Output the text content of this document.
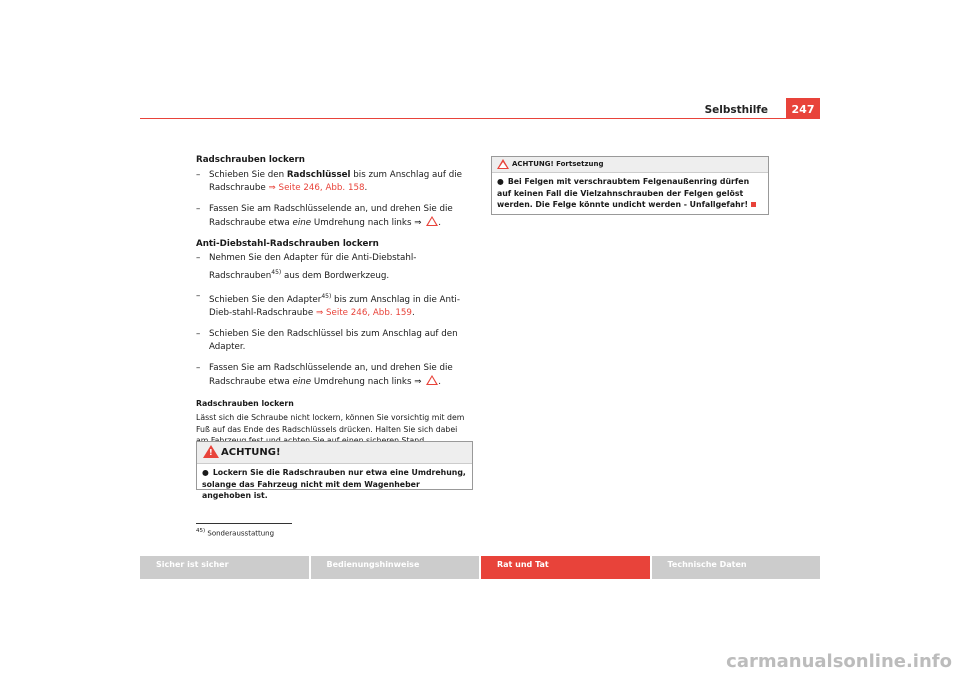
Selbsthilfe	247
Radschrauben lockern
– Schieben Sie den Radschlüssel bis zum Anschlag auf die Radschraube ⇒ Seite 246, Abb. 158.
– Fassen Sie am Radschlüsselende an, und drehen Sie die Radschraube etwa eine Umdrehung nach links ⇒ .
Anti-Diebstahl-Radschrauben lockern
– Nehmen Sie den Adapter für die Anti-Diebstahl-Radschrauben$^{45)}$ aus dem Bordwerkzeug.
– Schieben Sie den Adapter$^{45)}$ bis zum Anschlag in die Anti-Dieb-stahl-Radschraube ⇒ Seite 246, Abb. 159.
– Schieben Sie den Radschlüssel bis zum Anschlag auf den Adapter.
– Fassen Sie am Radschlüsselende an, und drehen Sie die Radschraube etwa eine Umdrehung nach links ⇒ .
Radschrauben lockern

Lässt sich die Schraube nicht lockern, können Sie vorsichtig mit dem Fuß auf das Ende des Radschlüssels drücken. Halten Sie sich dabei

!
ACHTUNG!
● Lockern Sie die Radschrauben nur etwa eine Umdrehung, solange das Fahrzeug nicht mit dem Wagenheber angehoben ist.
ACHTUNG! Fortsetzung
● Bei Felgen mit verschraubtem Felgenaußenring dürfen auf keinen Fall die Vielzahnschrauben der Felgen gelöst werden. Die Felge könnte undicht werden - Unfallgefahr!
$^{45)}$ Sonderausstattung
Sicher ist sicher	Bedienungshinweise	Rat und Tat	Technische Daten
carmanualsonline.info
